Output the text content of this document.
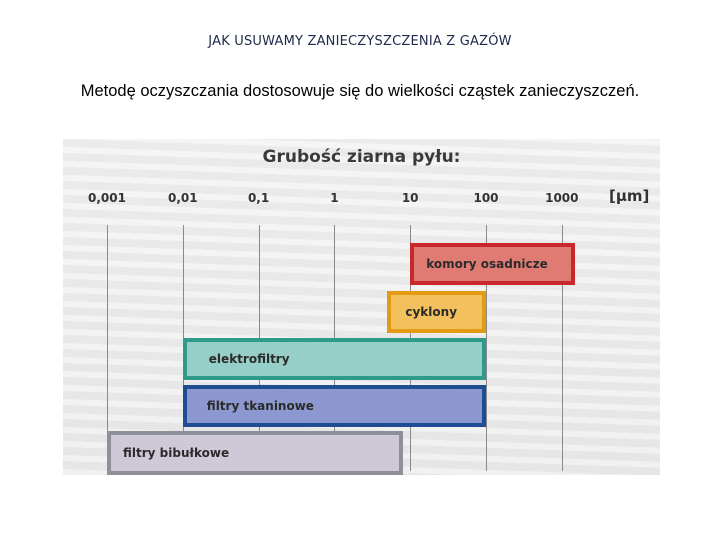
JAK USUWAMY ZANIECZYSZCZENIA Z GAZÓW
Metodę oczyszczania dostosowuje się do wielkości cząstek zanieczyszczeń.
Grubość ziarna pyłu:
[μm]
0,001	0,01	0,1	1	10	100	1000
komory osadnicze
cyklony
elektrofiltry
filtry tkaninowe
filtry bibułkowe
